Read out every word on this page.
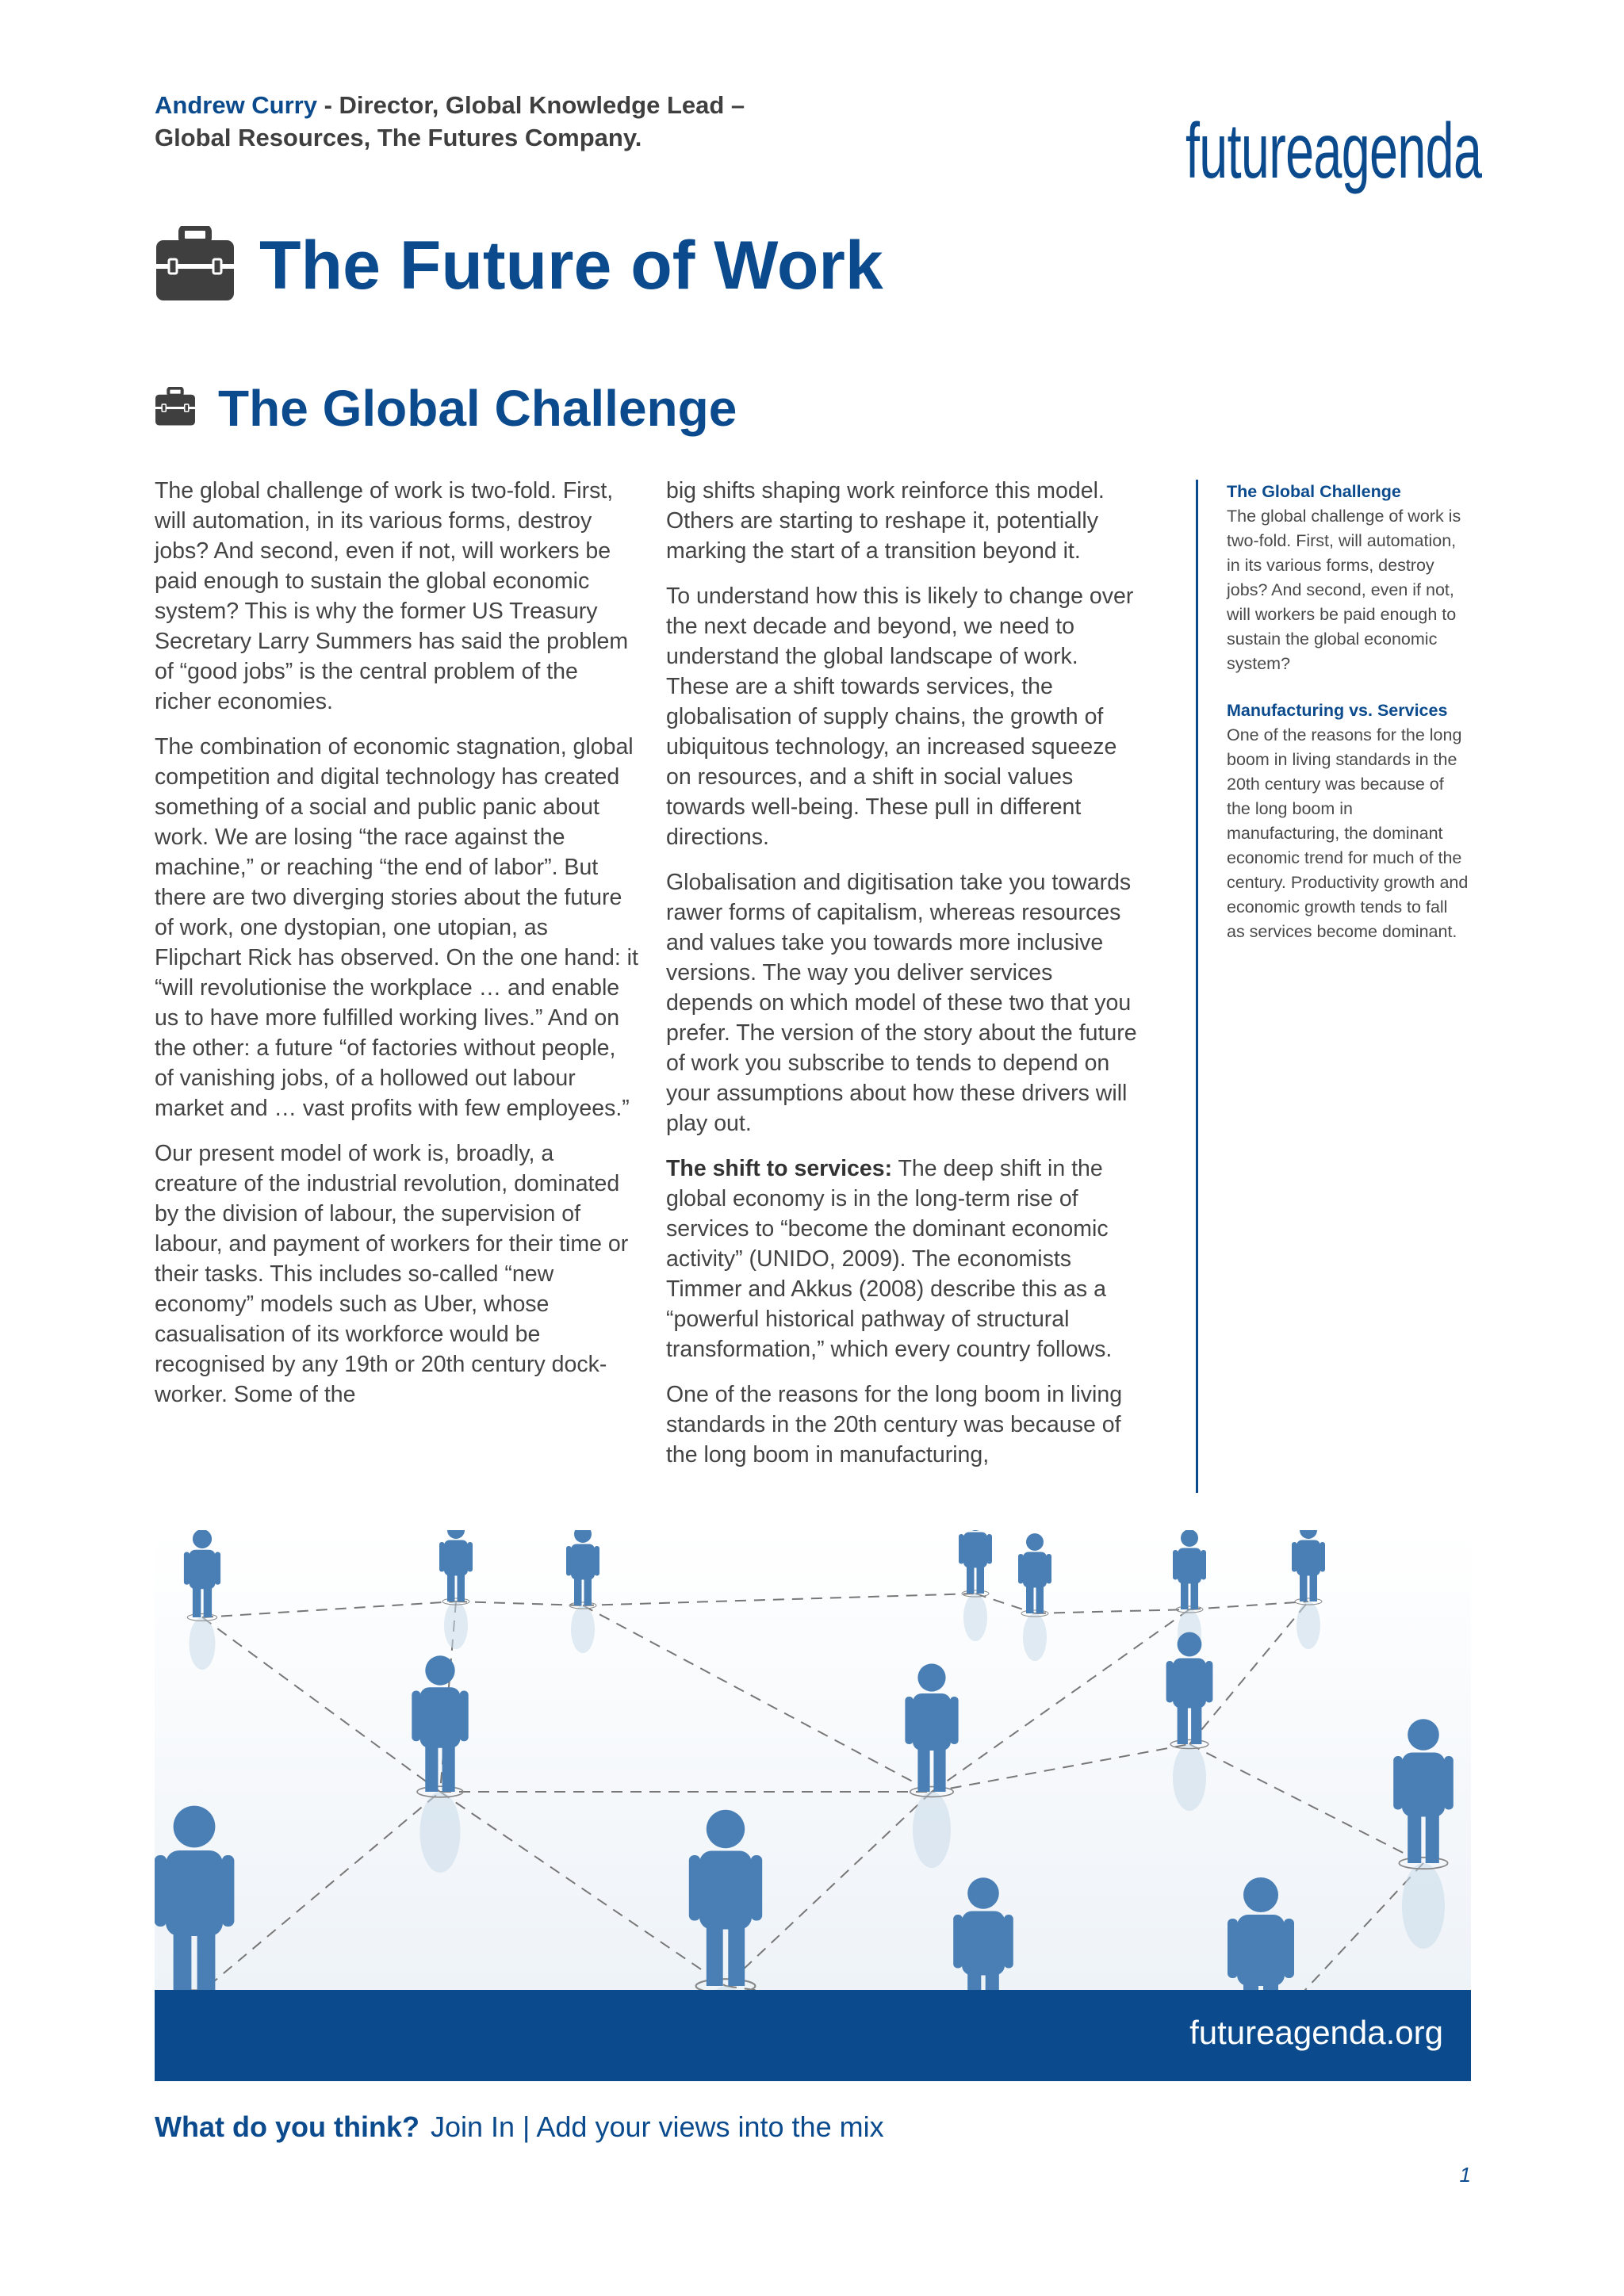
Andrew Curry - Director, Global Knowledge Lead –
Global Resources, The Futures Company.	futureagenda
The Future of Work
The Global Challenge

The global challenge of work is two-fold. First, will automation, in its various forms, destroy jobs? And second, even if not, will workers be paid enough to sustain the global economic system? This is why the former US Treasury Secretary Larry Summers has said the problem of “good jobs” is the central problem of the richer economies.

The combination of economic stagnation, global competition and digital technology has created something of a social and public panic about work. We are losing “the race against the machine,” or reaching “the end of labor”. But there are two diverging stories about the future of work, one dystopian, one utopian, as Flipchart Rick has observed. On the one hand: it “will revolutionise the workplace … and enable us to have more fulfilled working lives.” And on the other: a future “of factories without people, of vanishing jobs, of a hollowed out labour market and … vast profits with few employees.”

Our present model of work is, broadly, a creature of the industrial revolution, dominated by the division of labour, the supervision of labour, and payment of workers for their time or their tasks. This includes so-called “new economy” models such as Uber, whose casualisation of its workforce would be recognised by any 19th or 20th century dock-worker. Some of the

big shifts shaping work reinforce this model. Others are starting to reshape it, potentially marking the start of a transition beyond it.

To understand how this is likely to change over the next decade and beyond, we need to understand the global landscape of work. These are a shift towards services, the globalisation of supply chains, the growth of ubiquitous technology, an increased squeeze on resources, and a shift in social values towards well-being. These pull in different directions.

Globalisation and digitisation take you towards rawer forms of capitalism, whereas resources and values take you towards more inclusive versions. The way you deliver services depends on which model of these two that you prefer. The version of the story about the future of work you subscribe to tends to depend on your assumptions about how these drivers will play out.

The shift to services: The deep shift in the global economy is in the long-term rise of services to “become the dominant economic activity” (UNIDO, 2009). The economists Timmer and Akkus (2008) describe this as a “powerful historical pathway of structural transformation,” which every country follows.

One of the reasons for the long boom in living standards in the 20th century was because of the long boom in manufacturing,

The Global Challenge
The global challenge of work is two-fold. First, will automation, in its various forms, destroy jobs? And second, even if not, will workers be paid enough to sustain the global economic system?
Manufacturing vs. Services
One of the reasons for the long boom in living standards in the 20th century was because of the long boom in manufacturing, the dominant economic trend for much of the century. Productivity growth and economic growth tends to fall as services become dominant.
futureagenda.org
What do you think? Join In | Add your views into the mix
1
